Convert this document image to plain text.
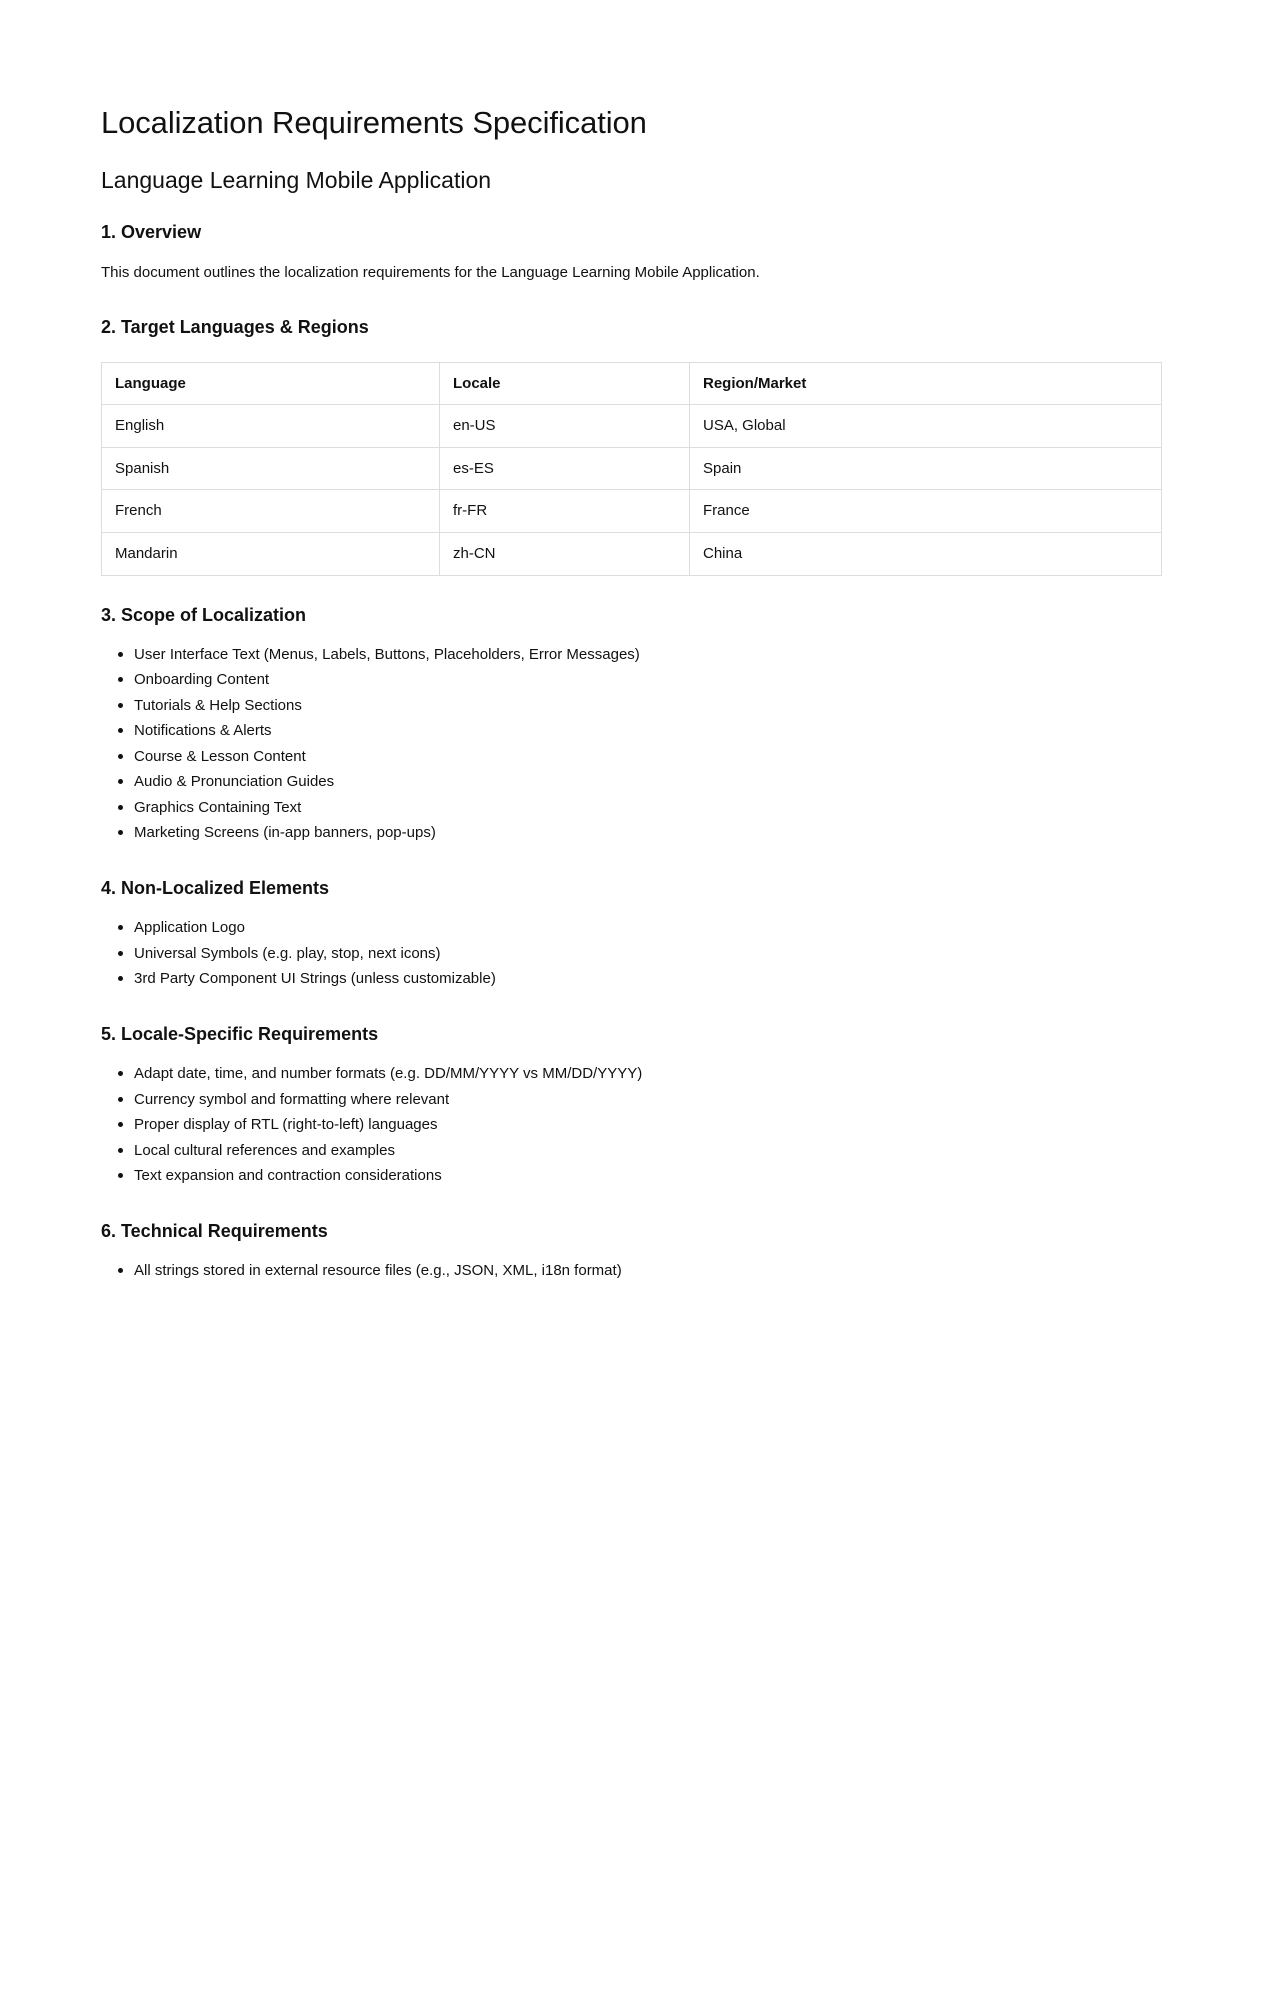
Localization Requirements Specification
Language Learning Mobile Application
1. Overview

This document outlines the localization requirements for the Language Learning Mobile Application.

2. Target Languages & Regions
Language	Locale	Region/Market
English	en-US	USA, Global
Spanish	es-ES	Spain
French	fr-FR	France
Mandarin	zh-CN	China
3. Scope of Localization
User Interface Text (Menus, Labels, Buttons, Placeholders, Error Messages)
Onboarding Content
Tutorials & Help Sections
Notifications & Alerts
Course & Lesson Content
Audio & Pronunciation Guides
Graphics Containing Text
Marketing Screens (in-app banners, pop-ups)
4. Non-Localized Elements
Application Logo
Universal Symbols (e.g. play, stop, next icons)
3rd Party Component UI Strings (unless customizable)
5. Locale-Specific Requirements
Adapt date, time, and number formats (e.g. DD/MM/YYYY vs MM/DD/YYYY)
Currency symbol and formatting where relevant
Proper display of RTL (right-to-left) languages
Local cultural references and examples
Text expansion and contraction considerations
6. Technical Requirements
All strings stored in external resource files (e.g., JSON, XML, i18n format)
